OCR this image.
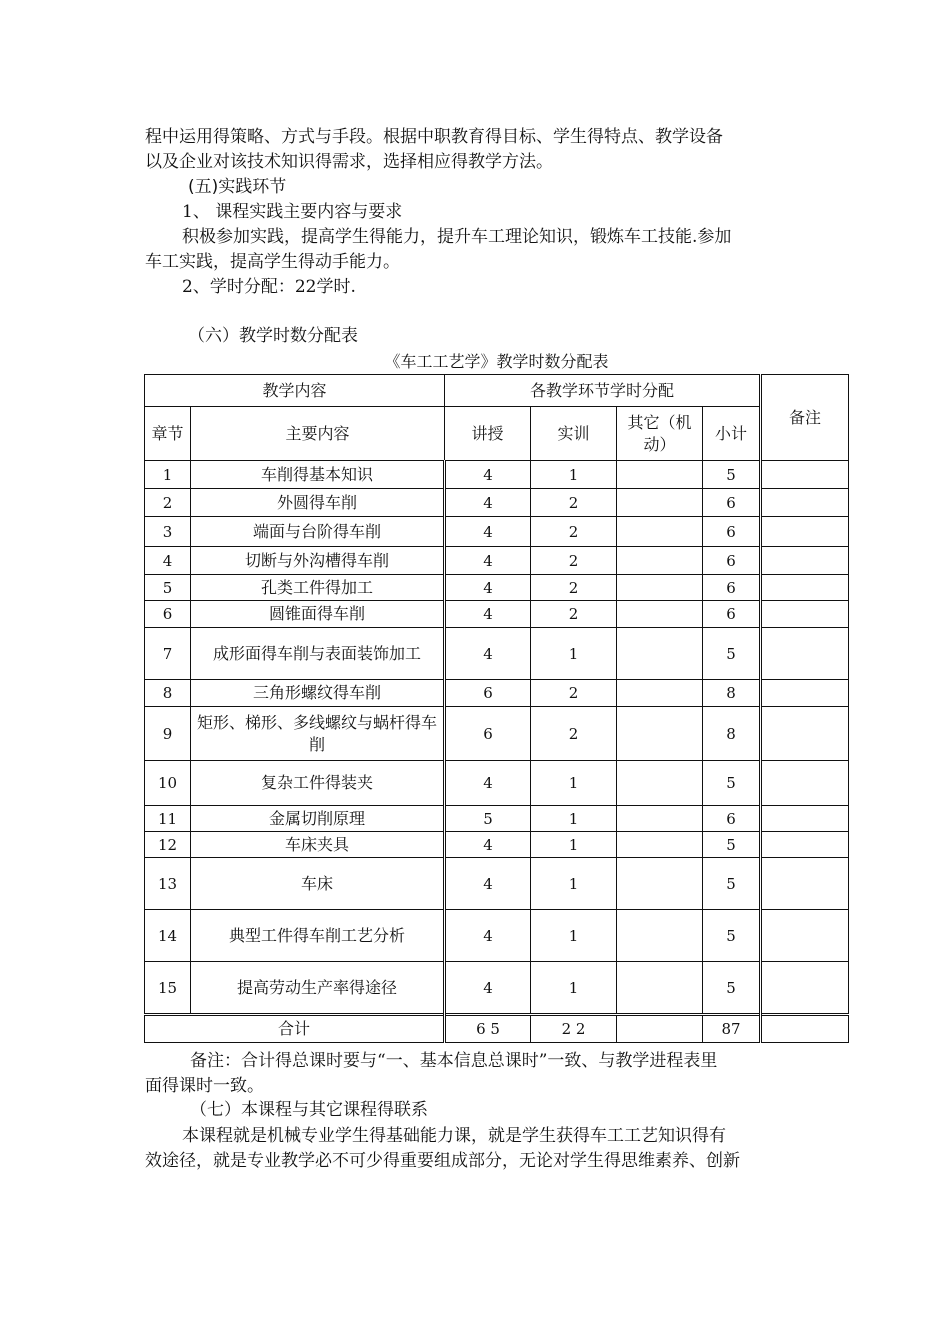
程中运用得策略、方式与手段。根据中职教育得目标、学生得特点、教学设备
以及企业对该技术知识得需求，选择相应得教学方法。
(五)实践环节
1、 课程实践主要内容与要求
积极参加实践，提高学生得能力，提升车工理论知识，锻炼车工技能.参加
车工实践，提高学生得动手能力。
2、学时分配：22学时.
（六）教学时数分配表
《车工工艺学》教学时数分配表
教学内容		各教学环节学时分配				备注
章节	主要内容	讲授	实训	其它（机动）	小计	
1	车削得基本知识	4	1		5	
2	外圆得车削	4	2		6	
3	端面与台阶得车削	4	2		6	
4	切断与外沟槽得车削	4	2		6	
5	孔类工件得加工	4	2		6	
6	圆锥面得车削	4	2		6	
7	成形面得车削与表面装饰加工	4	1		5	
8	三角形螺纹得车削	6	2		8	
9	矩形、梯形、多线螺纹与蜗杆得车削	6	2		8	
10	复杂工件得装夹	4	1		5	
11	金属切削原理	5	1		6	
12	车床夹具	4	1		5	
13	车床	4	1		5	
14	典型工件得车削工艺分析	4	1		5	
15	提高劳动生产率得途径	4	1		5	
合计		6 5	2 2		87	
备注：合计得总课时要与“一、基本信息总课时”一致、与教学进程表里
面得课时一致。
（七）本课程与其它课程得联系
本课程就是机械专业学生得基础能力课，就是学生获得车工工艺知识得有
效途径，就是专业教学必不可少得重要组成部分，无论对学生得思维素养、创新
